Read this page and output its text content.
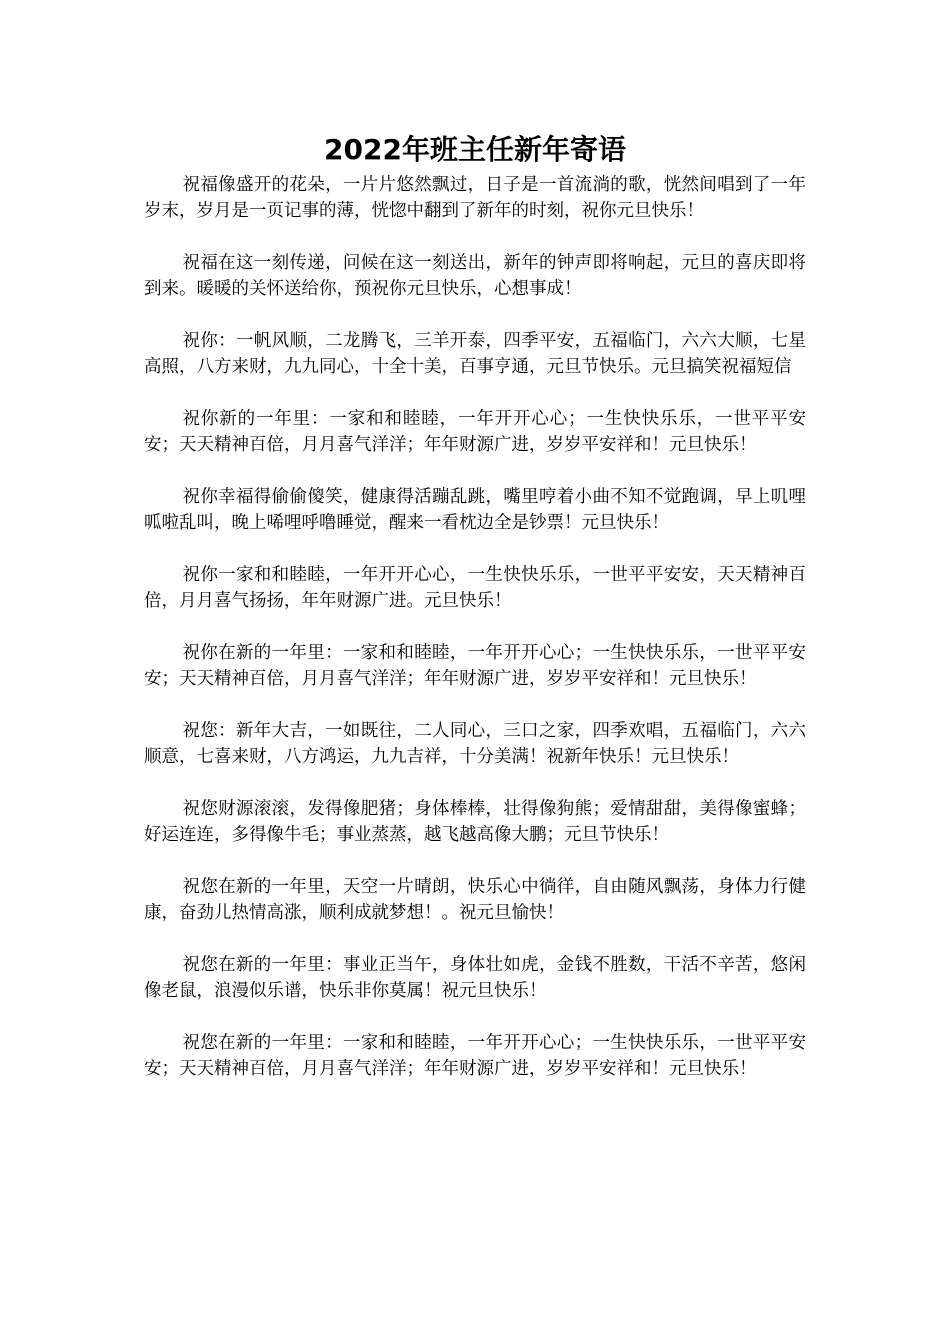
2022年班主任新年寄语

祝福像盛开的花朵，一片片悠然飘过，日子是一首流淌的歌，恍然间唱到了一年岁末，岁月是一页记事的薄，恍惚中翻到了新年的时刻，祝你元旦快乐！

祝福在这一刻传递，问候在这一刻送出，新年的钟声即将响起，元旦的喜庆即将到来。暖暖的关怀送给你，预祝你元旦快乐，心想事成！

祝你：一帆风顺，二龙腾飞，三羊开泰，四季平安，五福临门，六六大顺，七星高照，八方来财，九九同心，十全十美，百事亨通，元旦节快乐。元旦搞笑祝福短信

祝你新的一年里：一家和和睦睦，一年开开心心；一生快快乐乐，一世平平安安；天天精神百倍，月月喜气洋洋；年年财源广进，岁岁平安祥和！元旦快乐！

祝你幸福得偷偷傻笑，健康得活蹦乱跳，嘴里哼着小曲不知不觉跑调，早上叽哩呱啦乱叫，晚上唏哩呼噜睡觉，醒来一看枕边全是钞票！元旦快乐！

祝你一家和和睦睦，一年开开心心，一生快快乐乐，一世平平安安，天天精神百倍，月月喜气扬扬，年年财源广进。元旦快乐！

祝你在新的一年里：一家和和睦睦，一年开开心心；一生快快乐乐，一世平平安安；天天精神百倍，月月喜气洋洋；年年财源广进，岁岁平安祥和！元旦快乐！

祝您：新年大吉，一如既往，二人同心，三口之家，四季欢唱，五福临门，六六顺意，七喜来财，八方鸿运，九九吉祥，十分美满！祝新年快乐！元旦快乐！

祝您财源滚滚，发得像肥猪；身体棒棒，壮得像狗熊；爱情甜甜，美得像蜜蜂；好运连连，多得像牛毛；事业蒸蒸，越飞越高像大鹏；元旦节快乐！

祝您在新的一年里，天空一片晴朗，快乐心中徜徉，自由随风飘荡，身体力行健康，奋劲儿热情高涨，顺利成就梦想！。祝元旦愉快！

祝您在新的一年里：事业正当午，身体壮如虎，金钱不胜数，干活不辛苦，悠闲像老鼠，浪漫似乐谱，快乐非你莫属！祝元旦快乐！

祝您在新的一年里：一家和和睦睦，一年开开心心；一生快快乐乐，一世平平安安；天天精神百倍，月月喜气洋洋；年年财源广进，岁岁平安祥和！元旦快乐！
